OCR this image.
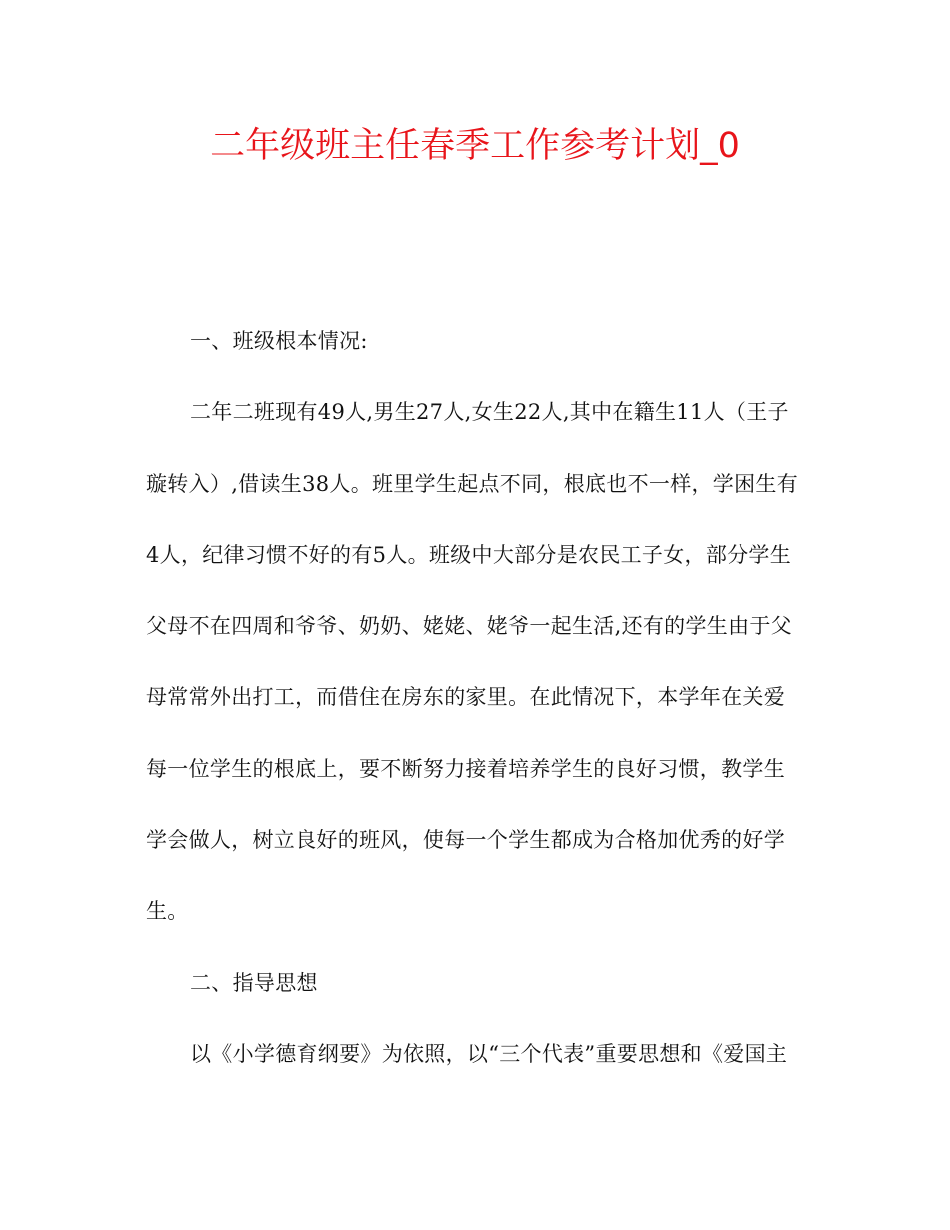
二年级班主任春季工作参考计划_0

一、班级根本情况:

二年二班现有49人,男生27人,女生22人,其中在籍生11人（王子璇转入）,借读生38人。班里学生起点不同，根底也不一样，学困生有4人，纪律习惯不好的有5人。班级中大部分是农民工子女，部分学生父母不在四周和爷爷、奶奶、姥姥、姥爷一起生活,还有的学生由于父母常常外出打工，而借住在房东的家里。在此情况下，本学年在关爱每一位学生的根底上，要不断努力接着培养学生的良好习惯，教学生学会做人，树立良好的班风，使每一个学生都成为合格加优秀的好学生。

二、指导思想

以《小学德育纲要》为依照，以“三个代表”重要思想和《爱国主
